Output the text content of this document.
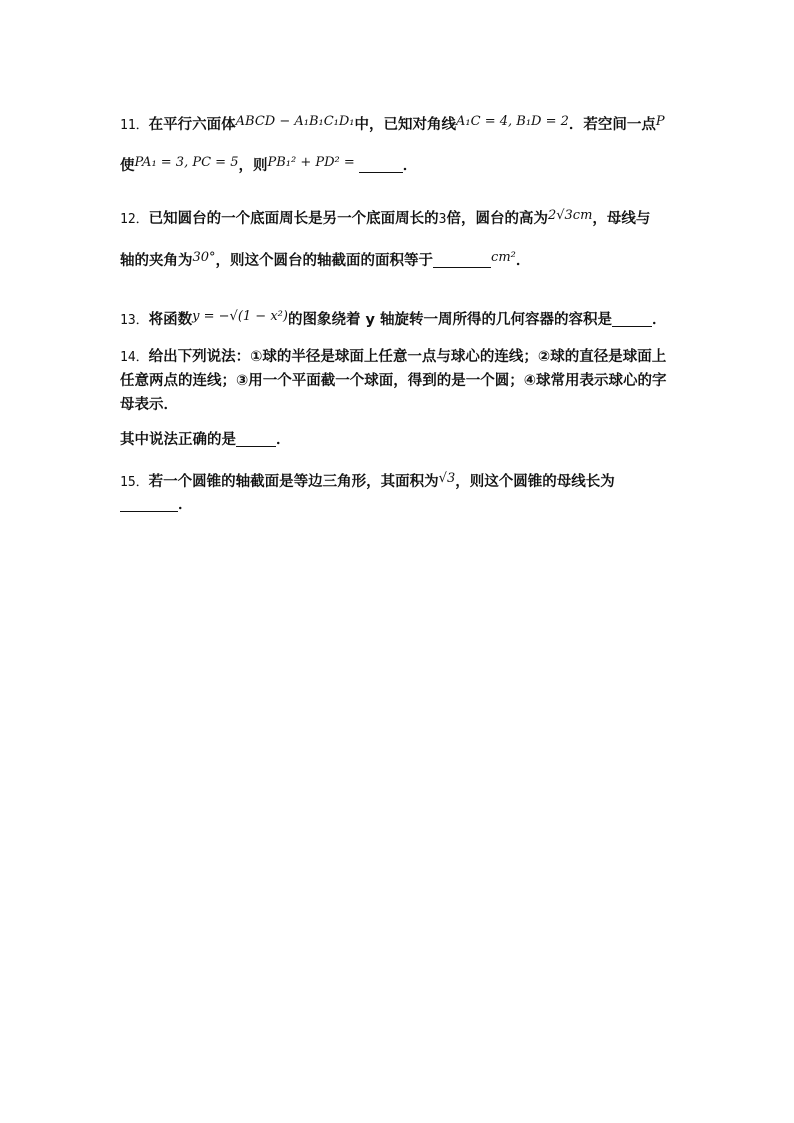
11．在平行六面体ABCD − A₁B₁C₁D₁中，已知对角线A₁C = 4, B₁D = 2．若空间一点P
使PA₁ = 3, PC = 5，则PB₁² + PD² =	．
12．已知圆台的一个底面周长是另一个底面周长的3倍，圆台的高为2√3cm，母线与
轴的夹角为30°，则这个圆台的轴截面的面积等于	cm²．
13．将函数y = −√(1 − x²)的图象绕着 y 轴旋转一周所得的几何容器的容积是	．
14．给出下列说法：①球的半径是球面上任意一点与球心的连线；②球的直径是球面上
任意两点的连线；③用一个平面截一个球面，得到的是一个圆；④球常用表示球心的字
母表示．
其中说法正确的是	．
15．若一个圆锥的轴截面是等边三角形，其面积为√3，则这个圆锥的母线长为
．
